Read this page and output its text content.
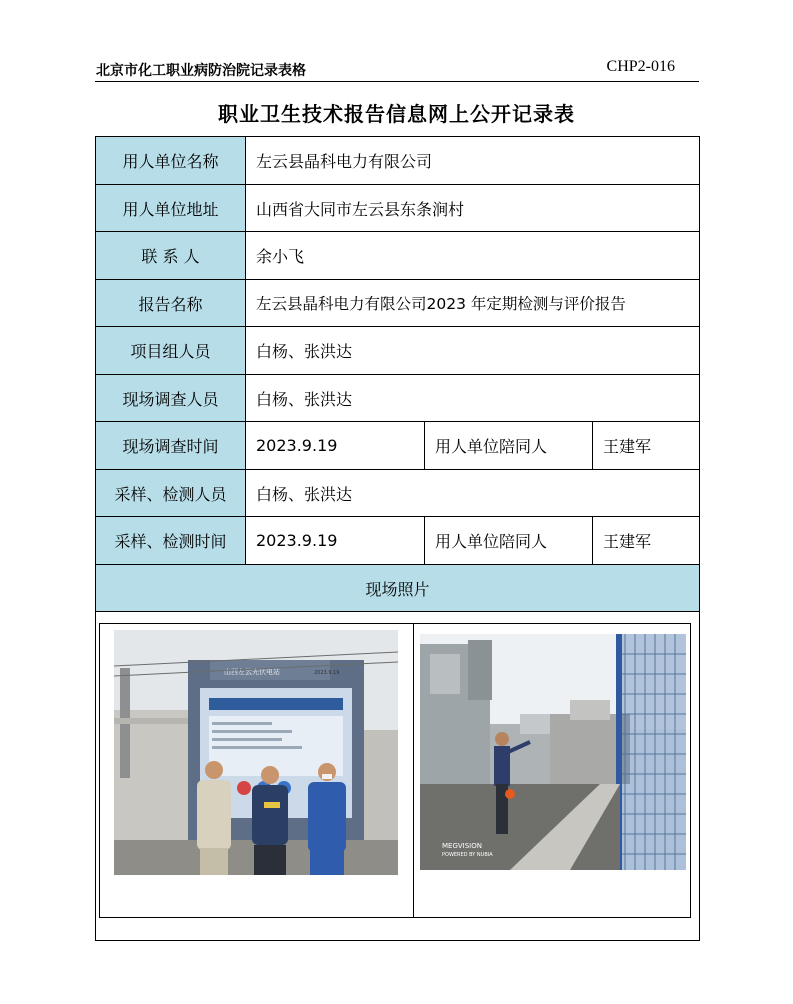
北京市化工职业病防治院记录表格	CHP2-016
职业卫生技术报告信息网上公开记录表
用人单位名称	左云县晶科电力有限公司
用人单位地址	山西省大同市左云县东条涧村
联 系 人	余小飞
报告名称	左云县晶科电力有限公司2023 年定期检测与评价报告
项目组人员	白杨、张洪达
现场调查人员	白杨、张洪达
现场调查时间	2023.9.19	用人单位陪同人	王建军
采样、检测人员	白杨、张洪达
采样、检测时间	2023.9.19	用人单位陪同人	王建军
现场照片
山西左云光伏电站	2023.9.19
MEGVISION
POWERED BY NUBIA
